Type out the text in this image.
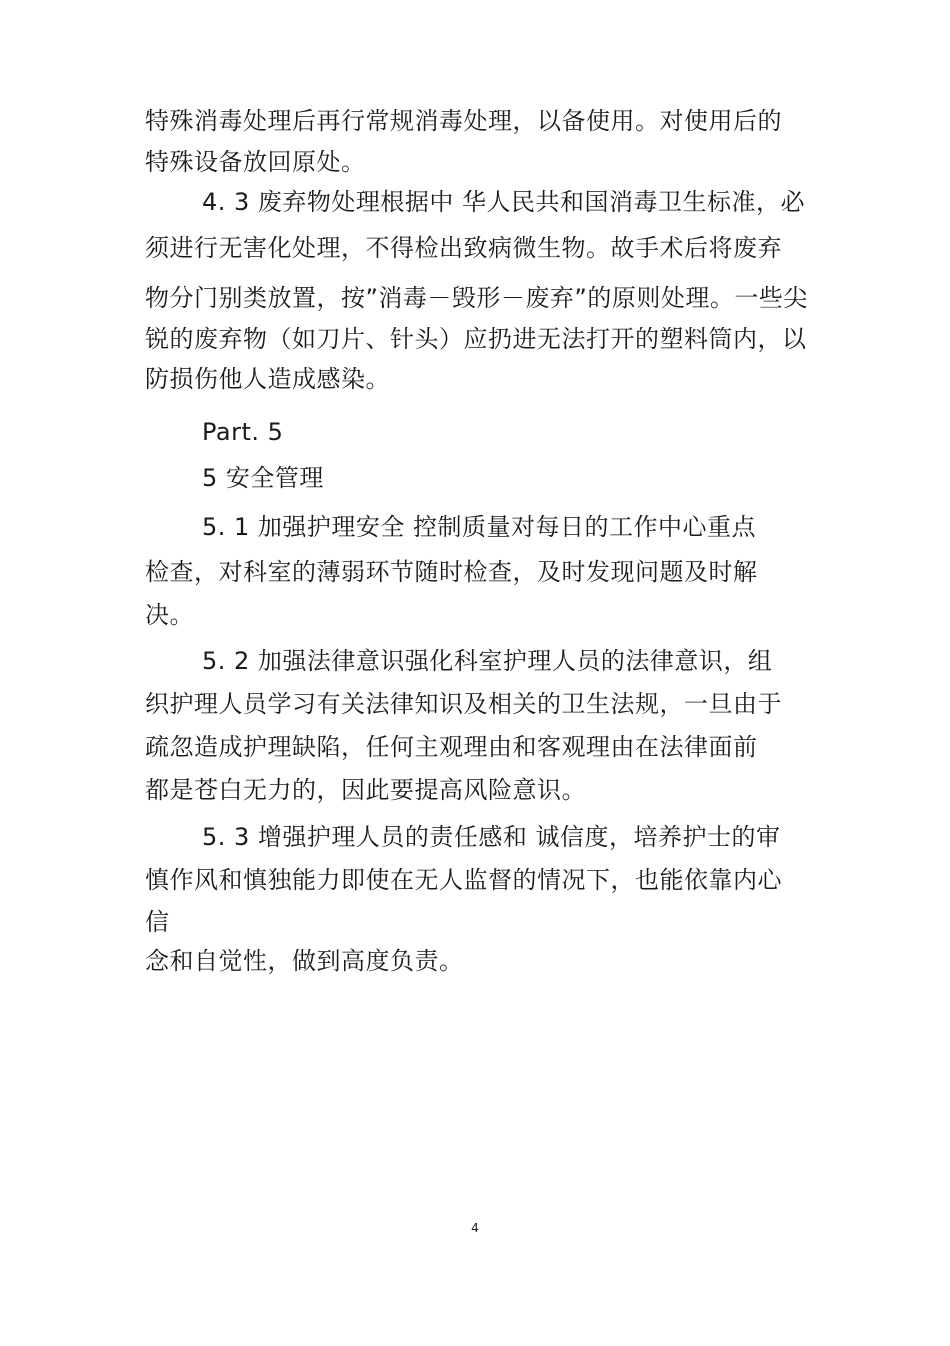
特殊消毒处理后再行常规消毒处理，以备使用。对使用后的
特殊设备放回原处。
4. 3 废弃物处理根据中 华人民共和国消毒卫生标准，必
须进行无害化处理，不得检出致病微生物。故手术后将废弃
物分门别类放置，按”消毒－毁形－废弃”的原则处理。一些尖
锐的废弃物（如刀片、针头）应扔进无法打开的塑料筒内，以
防损伤他人造成感染。
Part. 5
5 安全管理
5. 1 加强护理安全 控制质量对每日的工作中心重点
检查，对科室的薄弱环节随时检查，及时发现问题及时解
决。
5. 2 加强法律意识强化科室护理人员的法律意识，组
织护理人员学习有关法律知识及相关的卫生法规，一旦由于
疏忽造成护理缺陷，任何主观理由和客观理由在法律面前
都是苍白无力的，因此要提高风险意识。
5. 3 增强护理人员的责任感和 诚信度，培养护士的审
慎作风和慎独能力即使在无人监督的情况下，也能依靠内心
信
念和自觉性，做到高度负责。
4
